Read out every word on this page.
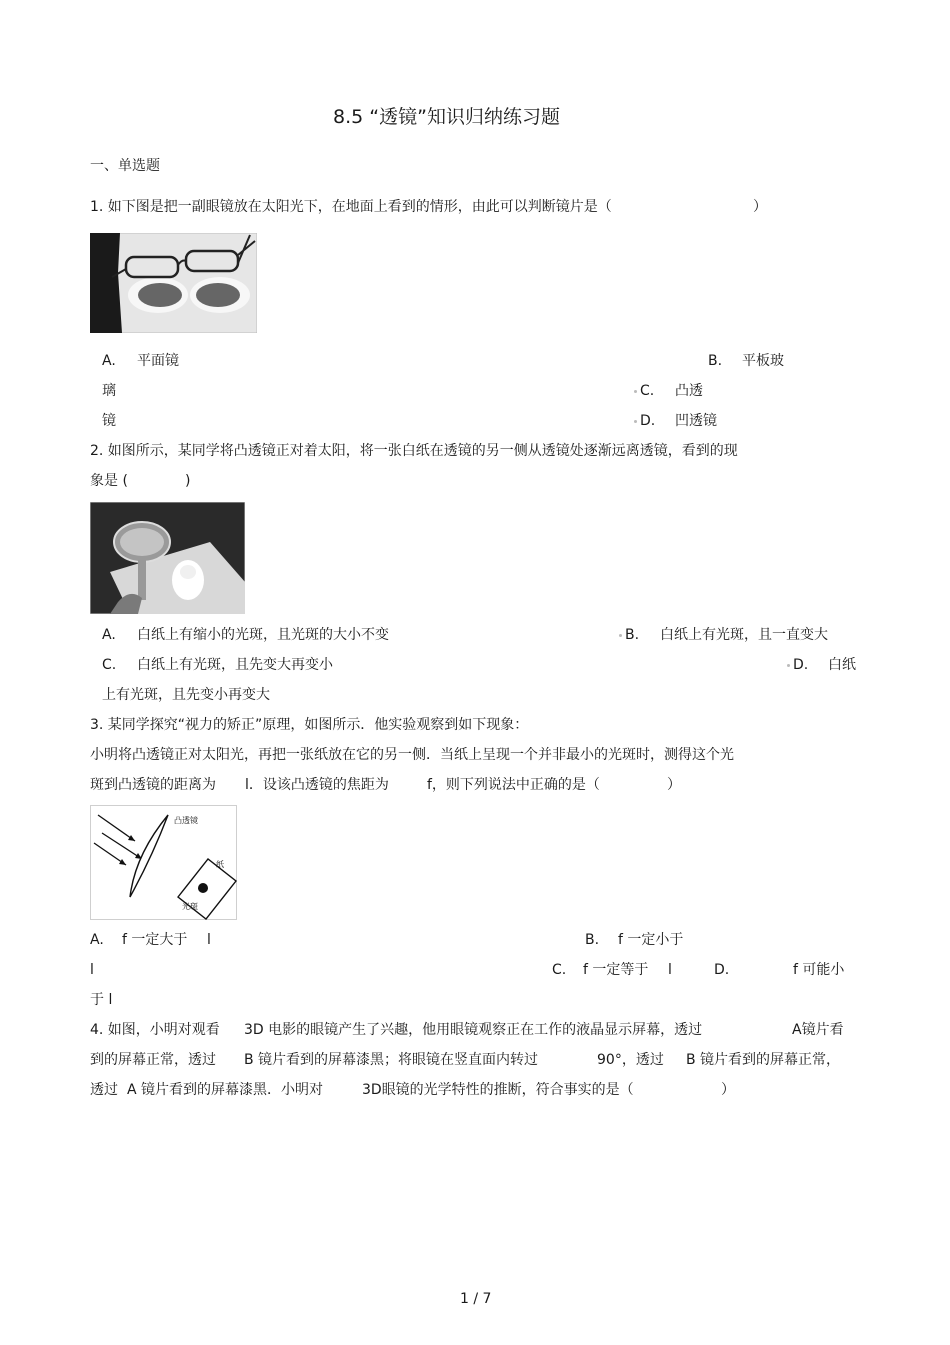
8.5 “透镜”知识归纳练习题
一、单选题
1. 如下图是把一副眼镜放在太阳光下，在地面上看到的情形，由此可以判断镜片是（	）
A. 平面镜	B. 平板玻
璃	C. 凸透
镜	D. 凹透镜
2. 如图所示，某同学将凸透镜正对着太阳，将一张白纸在透镜的另一侧从透镜处逐渐远离透镜，看到的现
象是 (	)
A. 白纸上有缩小的光斑，且光斑的大小不变	B. 白纸上有光斑，且一直变大
C. 白纸上有光斑，且先变大再变小	D. 白纸
上有光斑，且先变小再变大
3. 某同学探究“视力的矫正”原理，如图所示．他实验观察到如下现象：
小明将凸透镜正对太阳光，再把一张纸放在它的另一侧．当纸上呈现一个并非最小的光斑时，测得这个光
斑到凸透镜的距离为 l．设该凸透镜的焦距为	f，则下列说法中正确的是（	）
凸透镜
纸
光斑
A. f 一定大于 l	B. f 一定小于
l	C. f 一定等于 l	D.	f 可能小
于 l
4. 如图，小明对观看 3D 电影的眼镜产生了兴趣，他用眼镜观察正在工作的液晶显示屏幕，透过	A镜片看
到的屏幕正常，透过 B 镜片看到的屏幕漆黑；将眼镜在竖直面内转过	90°，透过 B 镜片看到的屏幕正常，
透过 A 镜片看到的屏幕漆黑．小明对	3D眼镜的光学特性的推断，符合事实的是（	）
1 / 7
